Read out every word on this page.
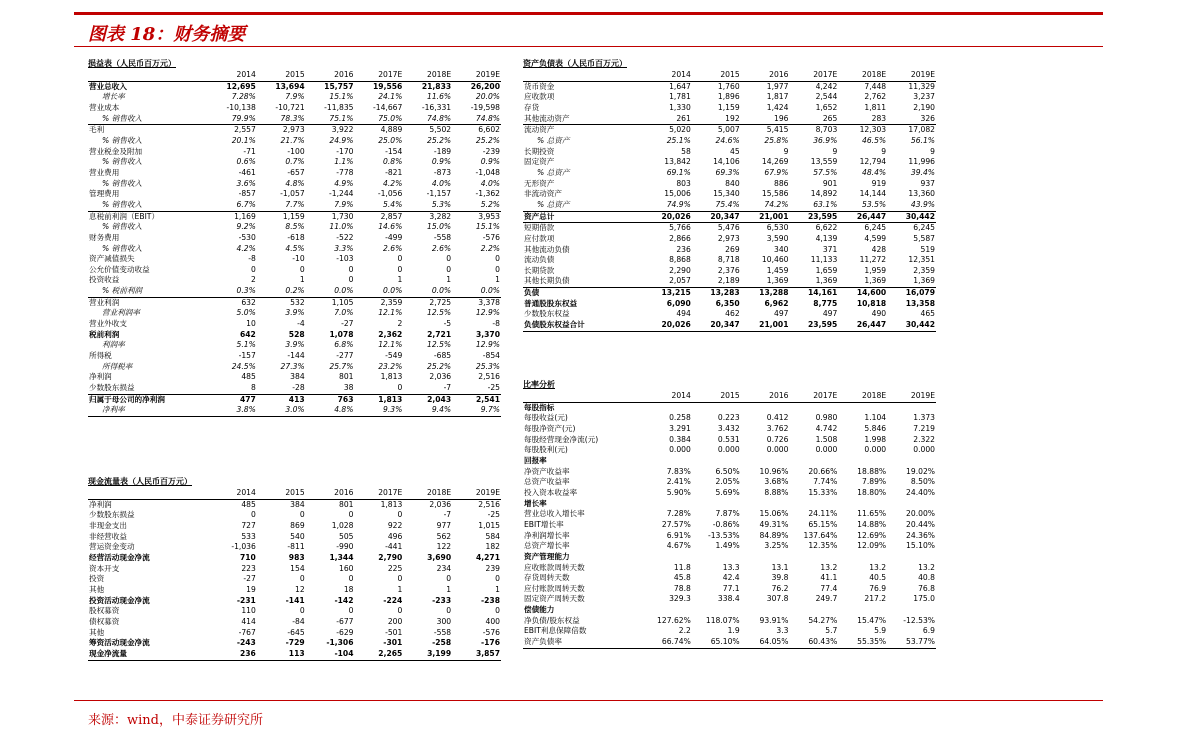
图表 18：财务摘要
损益表（人民币百万元）
	2014	2015	2016	2017E	2018E	2019E
营业总收入	12,695	13,694	15,757	19,556	21,833	26,200
增长率	7.28%	7.9%	15.1%	24.1%	11.6%	20.0%
营业成本	-10,138	-10,721	-11,835	-14,667	-16,331	-19,598
% 销售收入	79.9%	78.3%	75.1%	75.0%	74.8%	74.8%
毛利	2,557	2,973	3,922	4,889	5,502	6,602
% 销售收入	20.1%	21.7%	24.9%	25.0%	25.2%	25.2%
营业税金及附加	-71	-100	-170	-154	-189	-239
% 销售收入	0.6%	0.7%	1.1%	0.8%	0.9%	0.9%
营业费用	-461	-657	-778	-821	-873	-1,048
% 销售收入	3.6%	4.8%	4.9%	4.2%	4.0%	4.0%
管理费用	-857	-1,057	-1,244	-1,056	-1,157	-1,362
% 销售收入	6.7%	7.7%	7.9%	5.4%	5.3%	5.2%
息税前利润（EBIT）	1,169	1,159	1,730	2,857	3,282	3,953
% 销售收入	9.2%	8.5%	11.0%	14.6%	15.0%	15.1%
财务费用	-530	-618	-522	-499	-558	-576
% 销售收入	4.2%	4.5%	3.3%	2.6%	2.6%	2.2%
资产减值损失	-8	-10	-103	0	0	0
公允价值变动收益	0	0	0	0	0	0
投资收益	2	1	0	1	1	1
% 税前利润	0.3%	0.2%	0.0%	0.0%	0.0%	0.0%
营业利润	632	532	1,105	2,359	2,725	3,378
营业利润率	5.0%	3.9%	7.0%	12.1%	12.5%	12.9%
营业外收支	10	-4	-27	2	-5	-8
税前利润	642	528	1,078	2,362	2,721	3,370
利润率	5.1%	3.9%	6.8%	12.1%	12.5%	12.9%
所得税	-157	-144	-277	-549	-685	-854
所得税率	24.5%	27.3%	25.7%	23.2%	25.2%	25.3%
净利润	485	384	801	1,813	2,036	2,516
少数股东损益	8	-28	38	0	-7	-25
归属于母公司的净利润	477	413	763	1,813	2,043	2,541
净利率	3.8%	3.0%	4.8%	9.3%	9.4%	9.7%
现金流量表（人民币百万元）
	2014	2015	2016	2017E	2018E	2019E
净利润	485	384	801	1,813	2,036	2,516
少数股东损益	0	0	0	0	-7	-25
非现金支出	727	869	1,028	922	977	1,015
非经营收益	533	540	505	496	562	584
营运资金变动	-1,036	-811	-990	-441	122	182
经营活动现金净流	710	983	1,344	2,790	3,690	4,271
资本开支	223	154	160	225	234	239
投资	-27	0	0	0	0	0
其他	19	12	18	1	1	1
投资活动现金净流	-231	-141	-142	-224	-233	-238
股权募资	110	0	0	0	0	0
债权募资	414	-84	-677	200	300	400
其他	-767	-645	-629	-501	-558	-576
筹资活动现金净流	-243	-729	-1,306	-301	-258	-176
现金净流量	236	113	-104	2,265	3,199	3,857
资产负债表（人民币百万元）
	2014	2015	2016	2017E	2018E	2019E
货币资金	1,647	1,760	1,977	4,242	7,448	11,329
应收款项	1,781	1,896	1,817	2,544	2,762	3,237
存货	1,330	1,159	1,424	1,652	1,811	2,190
其他流动资产	261	192	196	265	283	326
流动资产	5,020	5,007	5,415	8,703	12,303	17,082
% 总资产	25.1%	24.6%	25.8%	36.9%	46.5%	56.1%
长期投资	58	45	9	9	9	9
固定资产	13,842	14,106	14,269	13,559	12,794	11,996
% 总资产	69.1%	69.3%	67.9%	57.5%	48.4%	39.4%
无形资产	803	840	886	901	919	937
非流动资产	15,006	15,340	15,586	14,892	14,144	13,360
% 总资产	74.9%	75.4%	74.2%	63.1%	53.5%	43.9%
资产总计	20,026	20,347	21,001	23,595	26,447	30,442
短期借款	5,766	5,476	6,530	6,622	6,245	6,245
应付款项	2,866	2,973	3,590	4,139	4,599	5,587
其他流动负债	236	269	340	371	428	519
流动负债	8,868	8,718	10,460	11,133	11,272	12,351
长期贷款	2,290	2,376	1,459	1,659	1,959	2,359
其他长期负债	2,057	2,189	1,369	1,369	1,369	1,369
负债	13,215	13,283	13,288	14,161	14,600	16,079
普通股股东权益	6,090	6,350	6,962	8,775	10,818	13,358
少数股东权益	494	462	497	497	490	465
负债股东权益合计	20,026	20,347	21,001	23,595	26,447	30,442
比率分析
	2014	2015	2016	2017E	2018E	2019E
每股指标						
每股收益(元)	0.258	0.223	0.412	0.980	1.104	1.373
每股净资产(元)	3.291	3.432	3.762	4.742	5.846	7.219
每股经营现金净流(元)	0.384	0.531	0.726	1.508	1.998	2.322
每股股利(元)	0.000	0.000	0.000	0.000	0.000	0.000
回报率						
净资产收益率	7.83%	6.50%	10.96%	20.66%	18.88%	19.02%
总资产收益率	2.41%	2.05%	3.68%	7.74%	7.89%	8.50%
投入资本收益率	5.90%	5.69%	8.88%	15.33%	18.80%	24.40%
增长率						
营业总收入增长率	7.28%	7.87%	15.06%	24.11%	11.65%	20.00%
EBIT增长率	27.57%	-0.86%	49.31%	65.15%	14.88%	20.44%
净利润增长率	6.91%	-13.53%	84.89%	137.64%	12.69%	24.36%
总资产增长率	4.67%	1.49%	3.25%	12.35%	12.09%	15.10%
资产管理能力						
应收账款周转天数	11.8	13.3	13.1	13.2	13.2	13.2
存货周转天数	45.8	42.4	39.8	41.1	40.5	40.8
应付账款周转天数	78.8	77.1	76.2	77.4	76.9	76.8
固定资产周转天数	329.3	338.4	307.8	249.7	217.2	175.0
偿债能力						
净负债/股东权益	127.62%	118.07%	93.91%	54.27%	15.47%	-12.53%
EBIT利息保障倍数	2.2	1.9	3.3	5.7	5.9	6.9
资产负债率	66.74%	65.10%	64.05%	60.43%	55.35%	53.77%
来源：wind，中泰证券研究所
